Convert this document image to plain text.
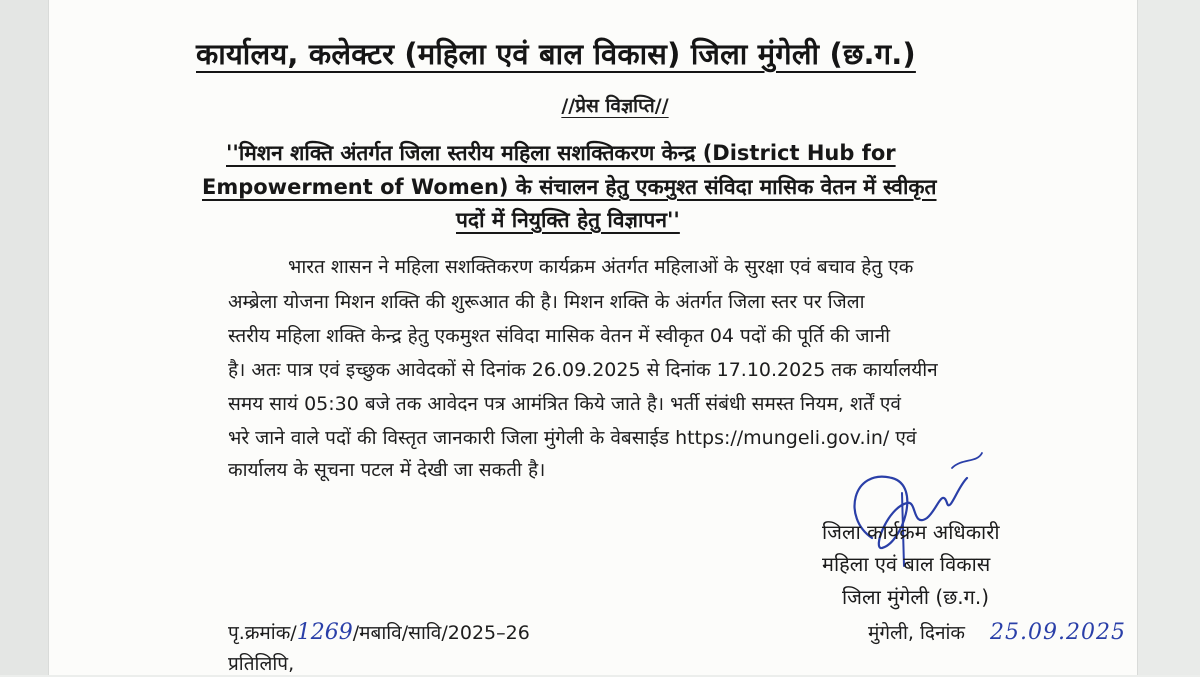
कार्यालय, कलेक्टर (महिला एवं बाल विकास) जिला मुंगेली (छ.ग.)
//प्रेस विज्ञप्ति//
''मिशन शक्ति अंतर्गत जिला स्तरीय महिला सशक्तिकरण केन्द्र (District Hub for
Empowerment of Women) के संचालन हेतु एकमुश्त संविदा मासिक वेतन में स्वीकृत
पदों में नियुक्ति हेतु विज्ञापन''
भारत शासन ने महिला सशक्तिकरण कार्यक्रम अंतर्गत महिलाओं के सुरक्षा एवं बचाव हेतु एक
अम्ब्रेला योजना मिशन शक्ति की शुरूआत की है। मिशन शक्ति के अंतर्गत जिला स्तर पर जिला
स्तरीय महिला शक्ति केन्द्र हेतु एकमुश्त संविदा मासिक वेतन में स्वीकृत 04 पदों की पूर्ति की जानी
है। अतः पात्र एवं इच्छुक आवेदकों से दिनांक 26.09.2025 से दिनांक 17.10.2025 तक कार्यालयीन
समय सायं 05:30 बजे तक आवेदन पत्र आमंत्रित किये जाते है। भर्ती संबंधी समस्त नियम, शर्तें एवं
भरे जाने वाले पदों की विस्तृत जानकारी जिला मुंगेली के वेबसाईड https://mungeli.gov.in/ एवं
कार्यालय के सूचना पटल में देखी जा सकती है।
जिला कार्यक्रम अधिकारी
महिला एवं बाल विकास
जिला मुंगेली (छ.ग.)
पृ.क्रमांक/1269/मबावि/सावि/2025–26	मुंगेली, दिनांक 25.09.2025
प्रतिलिपि,
